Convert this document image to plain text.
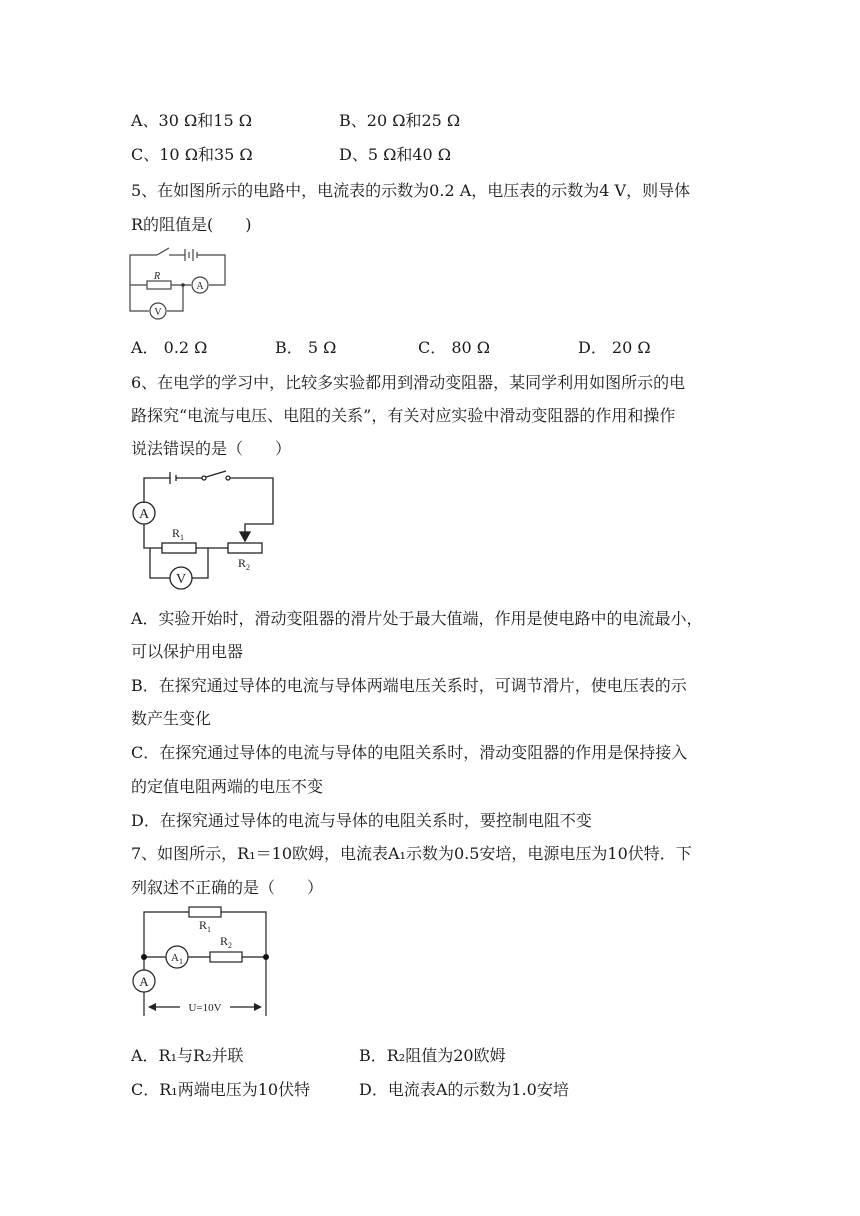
A、30 Ω和15 Ω	B、20 Ω和25 Ω
C、10 Ω和35 Ω	D、5 Ω和40 Ω
5、在如图所示的电路中，电流表的示数为0.2 A，电压表的示数为4 V，则导体
R的阻值是(　　)
R
A
V
A． 0.2 Ω	B． 5 Ω	C． 80 Ω	D． 20 Ω
6、在电学的学习中，比较多实验都用到滑动变阻器，某同学利用如图所示的电
路探究“电流与电压、电阻的关系”，有关对应实验中滑动变阻器的作用和操作
说法错误的是（　　）
A
V
$R_1$
$R_2$
A．实验开始时，滑动变阻器的滑片处于最大值端，作用是使电路中的电流最小，
可以保护用电器
B．在探究通过导体的电流与导体两端电压关系时，可调节滑片，使电压表的示
数产生变化
C．在探究通过导体的电流与导体的电阻关系时，滑动变阻器的作用是保持接入
的定值电阻两端的电压不变
D．在探究通过导体的电流与导体的电阻关系时，要控制电阻不变
7、如图所示，R₁＝10欧姆，电流表A₁示数为0.5安培，电源电压为10伏特．下
列叙述不正确的是（　　）
$R_1$
$R_2$
$A_1$
A
U=10V
A．R₁与R₂并联	B．R₂阻值为20欧姆
C．R₁两端电压为10伏特	D．电流表A的示数为1.0安培
